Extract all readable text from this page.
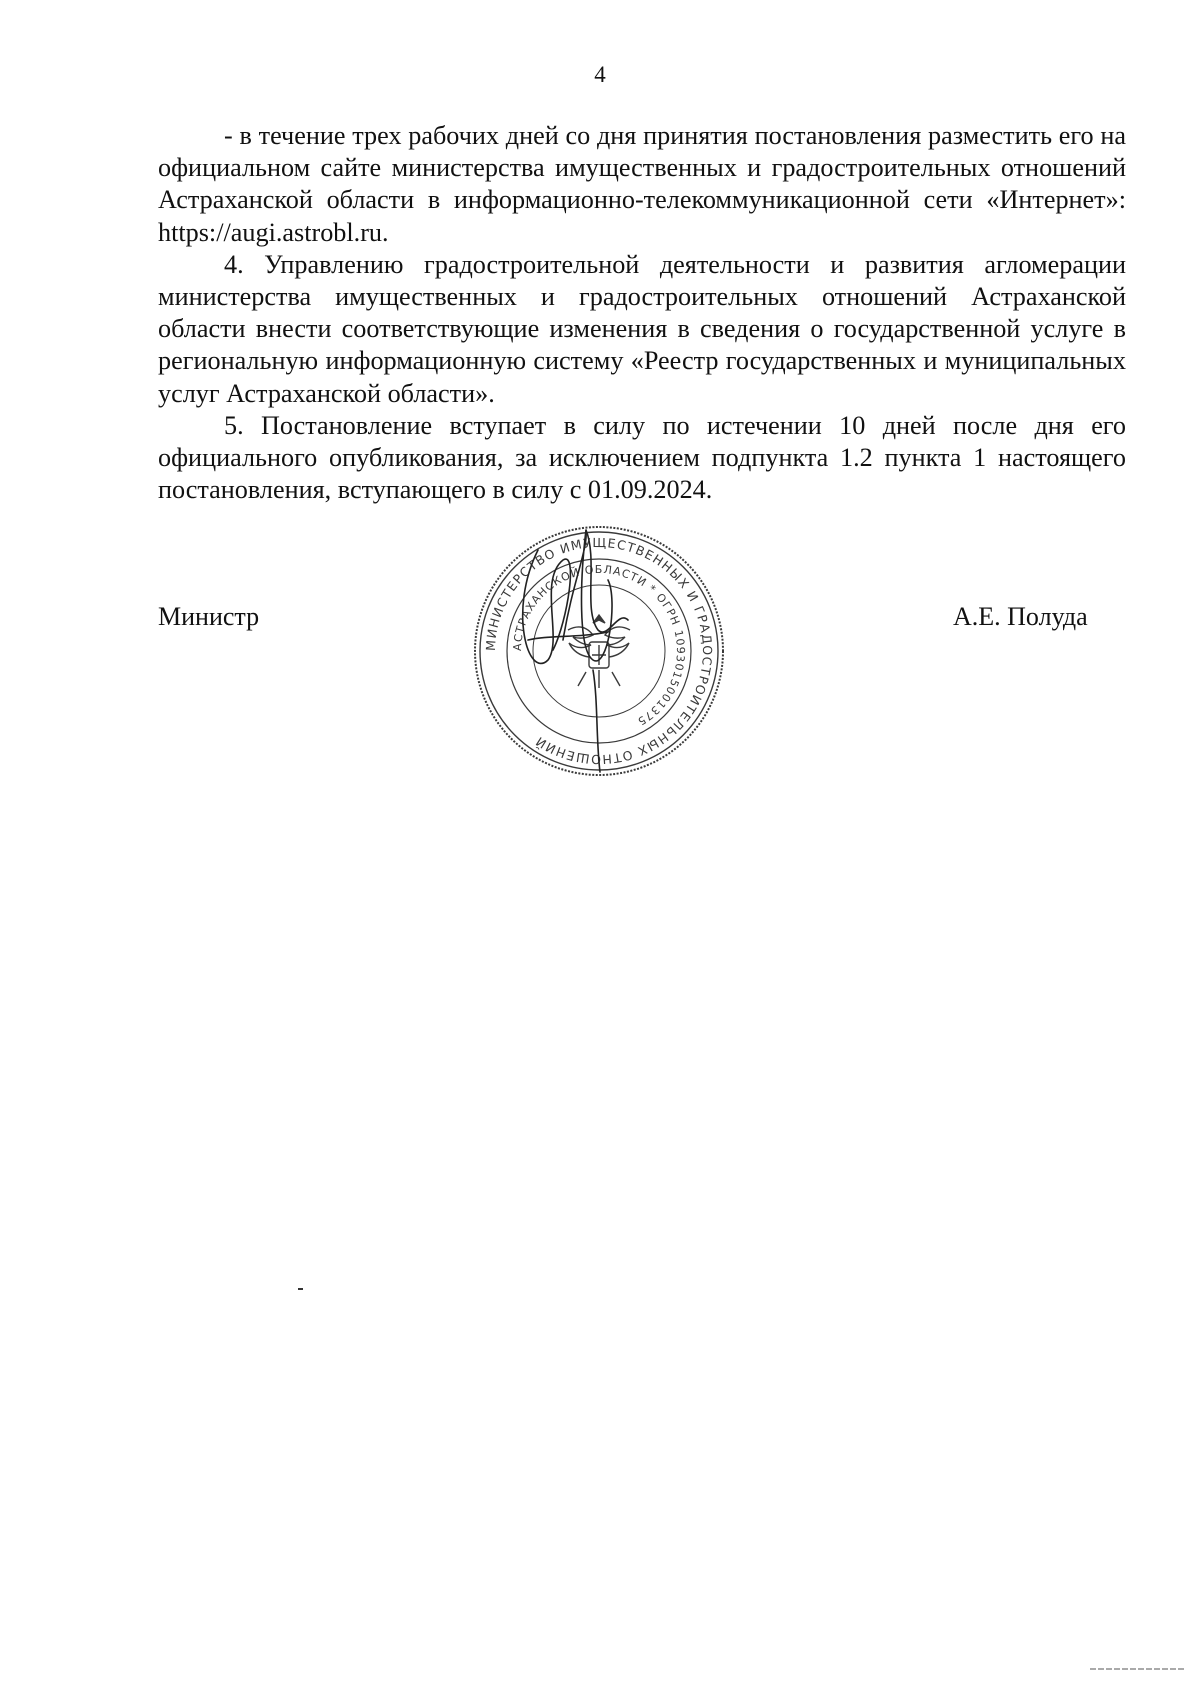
4

- в течение трех рабочих дней со дня принятия постановления разместить его на официальном сайте министерства имущественных и градостроительных отношений Астраханской области в информационно-телекоммуникационной сети «Интернет»: https://augi.astrobl.ru.

4. Управлению градостроительной деятельности и развития агломерации министерства имущественных и градостроительных отношений Астраханской области внести соответствующие изменения в сведения о государственной услуге в региональную информационную систему «Реестр государственных и муниципальных услуг Астраханской области».

5. Постановление вступает в силу по истечении 10 дней после дня его официального опубликования, за исключением подпункта 1.2 пункта 1 настоящего постановления, вступающего в силу с 01.09.2024.

Министр
МИНИСТЕРСТВО ИМУЩЕСТВЕННЫХ И ГРАДОСТРОИТЕЛЬНЫХ ОТНОШЕНИЙ
АСТРАХАНСКОЙ ОБЛАСТИ * ОГРН 1093015001375
А.Е. Полуда
